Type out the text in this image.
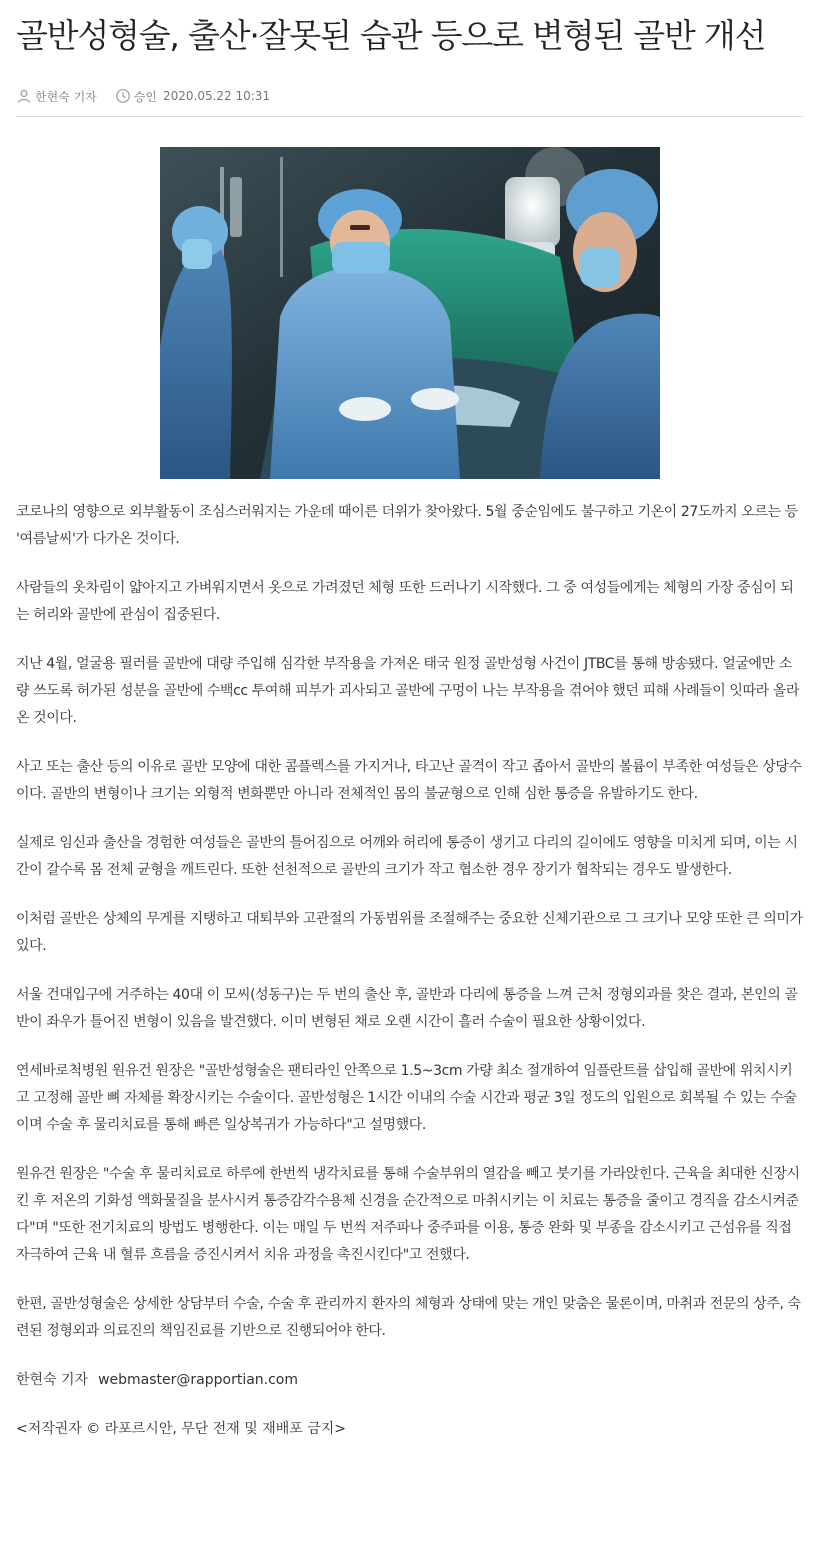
골반성형술, 출산·잘못된 습관 등으로 변형된 골반 개선
한현숙 기자	승인 2020.05.22 10:31

코로나의 영향으로 외부활동이 조심스러워지는 가운데 때이른 더위가 찾아왔다. 5월 중순임에도 불구하고 기온이 27도까지 오르는 등 '여름날씨'가 다가온 것이다.

사람들의 옷차림이 얇아지고 가벼워지면서 옷으로 가려졌던 체형 또한 드러나기 시작했다. 그 중 여성들에게는 체형의 가장 중심이 되는 허리와 골반에 관심이 집중된다.

지난 4월, 얼굴용 필러를 골반에 대량 주입해 심각한 부작용을 가져온 태국 원정 골반성형 사건이 JTBC를 통해 방송됐다. 얼굴에만 소량 쓰도록 허가된 성분을 골반에 수백cc 투여해 피부가 괴사되고 골반에 구멍이 나는 부작용을 겪어야 했던 피해 사례들이 잇따라 올라온 것이다.

사고 또는 출산 등의 이유로 골반 모양에 대한 콤플렉스를 가지거나, 타고난 골격이 작고 좁아서 골반의 볼륨이 부족한 여성들은 상당수이다. 골반의 변형이나 크기는 외형적 변화뿐만 아니라 전체적인 몸의 불균형으로 인해 심한 통증을 유발하기도 한다.

실제로 임신과 출산을 경험한 여성들은 골반의 틀어짐으로 어깨와 허리에 통증이 생기고 다리의 길이에도 영향을 미치게 되며, 이는 시간이 갈수록 몸 전체 균형을 깨트린다. 또한 선천적으로 골반의 크기가 작고 협소한 경우 장기가 협착되는 경우도 발생한다.

이처럼 골반은 상체의 무게를 지탱하고 대퇴부와 고관절의 가동범위를 조절해주는 중요한 신체기관으로 그 크기나 모양 또한 큰 의미가 있다.

서울 건대입구에 거주하는 40대 이 모씨(성동구)는 두 번의 출산 후, 골반과 다리에 통증을 느껴 근처 정형외과를 찾은 결과, 본인의 골반이 좌우가 틀어진 변형이 있음을 발견했다. 이미 변형된 채로 오랜 시간이 흘러 수술이 필요한 상황이었다.

연세바로척병원 원유건 원장은 "골반성형술은 팬티라인 안쪽으로 1.5~3cm 가량 최소 절개하여 임플란트를 삽입해 골반에 위치시키고 고정해 골반 뼈 자체를 확장시키는 수술이다. 골반성형은 1시간 이내의 수술 시간과 평균 3일 정도의 입원으로 회복될 수 있는 수술이며 수술 후 물리치료를 통해 빠른 일상복귀가 가능하다"고 설명했다.

원유건 원장은 "수술 후 물리치료로 하루에 한번씩 냉각치료를 통해 수술부위의 열감을 빼고 붓기를 가라앉힌다. 근육을 최대한 신장시킨 후 저온의 기화성 액화물질을 분사시켜 통증감각수용체 신경을 순간적으로 마취시키는 이 치료는 통증을 줄이고 경직을 감소시켜준다"며 "또한 전기치료의 방법도 병행한다. 이는 매일 두 번씩 저주파나 중주파를 이용, 통증 완화 및 부종을 감소시키고 근섬유를 직접 자극하여 근육 내 혈류 흐름을 증진시켜서 치유 과정을 촉진시킨다"고 전했다.

한편, 골반성형술은 상세한 상담부터 수술, 수술 후 관리까지 환자의 체형과 상태에 맞는 개인 맞춤은 물론이며, 마취과 전문의 상주, 숙련된 정형외과 의료진의 책임진료를 기반으로 진행되어야 한다.

한현숙 기자 webmaster@rapportian.com

<저작권자 © 라포르시안, 무단 전재 및 재배포 금지>
